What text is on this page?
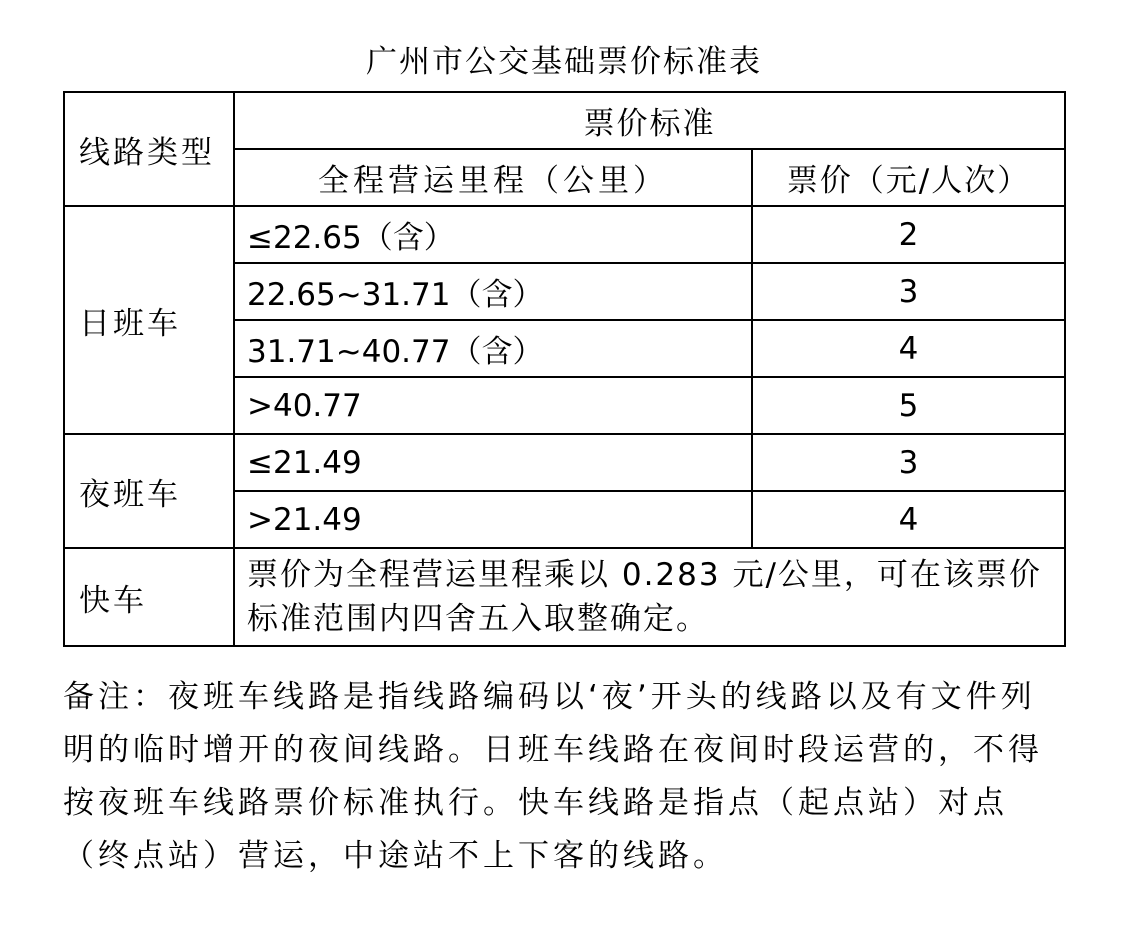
广州市公交基础票价标准表
线路类型	票价标准	
	全程营运里程（公里）	票价（元/人次）
日班车	≤22.65（含）	2
	22.65~31.71（含）	3
	31.71~40.77（含）	4
	>40.77	5
夜班车	≤21.49	3
	>21.49	4
快车	票价为全程营运里程乘以 0.283 元/公里，可在该票价标准范围内四舍五入取整确定。	
备注：夜班车线路是指线路编码以‘夜’开头的线路以及有文件列明的临时增开的夜间线路。日班车线路在夜间时段运营的，不得按夜班车线路票价标准执行。快车线路是指点（起点站）对点（终点站）营运，中途站不上下客的线路。
